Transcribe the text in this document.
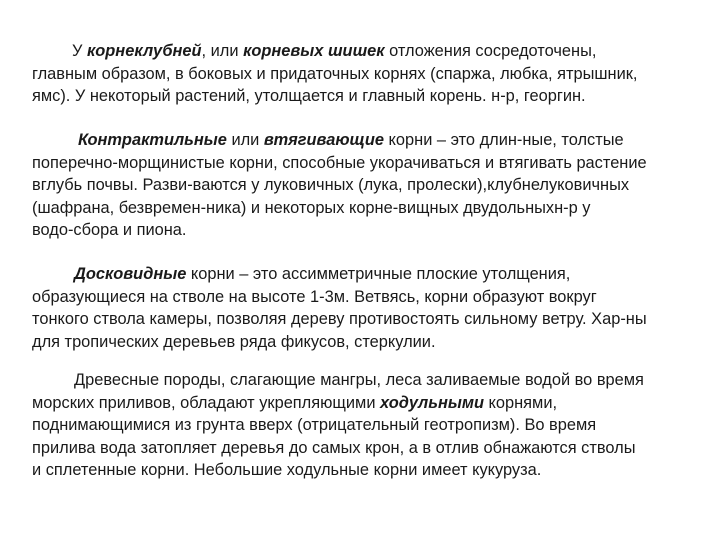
У корнеклубней, или корневых шишек отложения сосредоточены,
главным образом, в боковых и придаточных корнях (спаржа, любка, ятрышник,
ямс). У некоторый растений, утолщается и главный корень. н-р, георгин.

Контрактильные или втягивающие корни – это длин-ные, толстые
поперечно-морщинистые корни, способные укорачиваться и втягивать растение
вглубь почвы. Разви-ваются у луковичных (лука, пролески),клубнелуковичных
(шафрана, безвремен-ника) и некоторых корне-вищных двудольныхн-р у
водо-сбора и пиона.

Досковидные корни – это ассимметричные плоские утолщения,
образующиеся на стволе на высоте 1-3м. Ветвясь, корни образуют вокруг
тонкого ствола камеры, позволяя дереву противостоять сильному ветру. Хар-ны
для тропических деревьев ряда фикусов, стеркулии.

Древесные породы, слагающие мангры, леса заливаемые водой во время
морских приливов, обладают укрепляющими ходульными корнями,
поднимающимися из грунта вверх (отрицательный геотропизм). Во время
прилива вода затопляет деревья до самых крон, а в отлив обнажаются стволы
и сплетенные корни. Небольшие ходульные корни имеет кукуруза.
